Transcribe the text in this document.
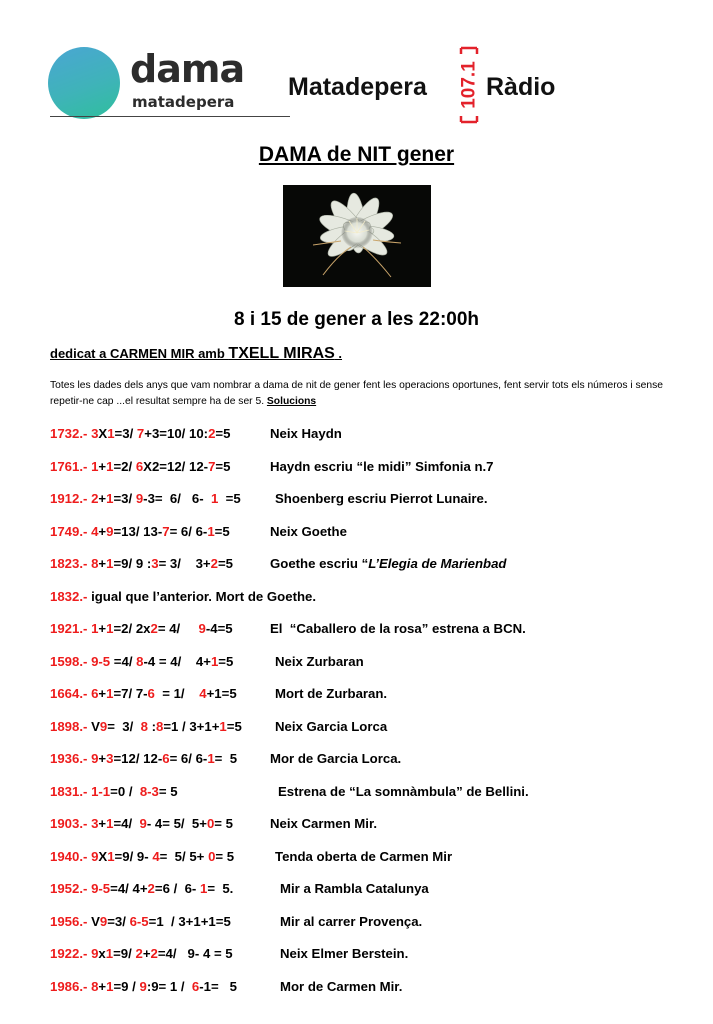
dama
matadepera
Matadepera 107.1 Ràdio
DAMA de NIT gener
8 i 15 de gener a les 22:00h
dedicat a CARMEN MIR amb TXELL MIRAS .
Totes les dades dels anys que vam nombrar a dama de nit de gener fent les operacions oportunes, fent servir tots els números i sense repetir-ne cap ...el resultat sempre ha de ser 5. Solucions
1732.- 3X1=3/ 7+3=10/ 10:2=5	Neix Haydn
1761.- 1+1=2/ 6X2=12/ 12-7=5	Haydn escriu “le midi” Simfonia n.7
1912.- 2+1=3/ 9-3=  6/   6-  1  =5	Shoenberg escriu Pierrot Lunaire.
1749.- 4+9=13/ 13-7= 6/ 6-1=5	Neix Goethe
1823.- 8+1=9/ 9 :3= 3/    3+2=5	Goethe escriu “L’Elegia de Marienbad
1832.- igual que l’anterior. Mort de Goethe.
1921.- 1+1=2/ 2x2= 4/     9-4=5	El  “Caballero de la rosa” estrena a BCN.
1598.- 9-5 =4/ 8-4 = 4/    4+1=5	Neix Zurbaran
1664.- 6+1=7/ 7-6  = 1/    4+1=5	Mort de Zurbaran.
1898.- V9=  3/  8 :8=1 / 3+1+1=5	Neix Garcia Lorca
1936.- 9+3=12/ 12-6= 6/ 6-1=  5 Mor de Garcia Lorca.
1831.- 1-1=0 /  8-3= 5	Estrena de “La somnàmbula” de Bellini.
1903.- 3+1=4/  9- 4= 5/  5+0= 5	Neix Carmen Mir.
1940.- 9X1=9/ 9- 4=  5/ 5+ 0= 5	Tenda oberta de Carmen Mir
1952.- 9-5=4/ 4+2=6 /  6- 1=  5.	Mir a Rambla Catalunya
1956.- V9=3/ 6-5=1  / 3+1+1=5	Mir al carrer Provença.
1922.- 9x1=9/ 2+2=4/   9- 4 = 5	Neix Elmer Berstein.
1986.- 8+1=9 / 9:9= 1 /  6-1=   5	Mor de Carmen Mir.
